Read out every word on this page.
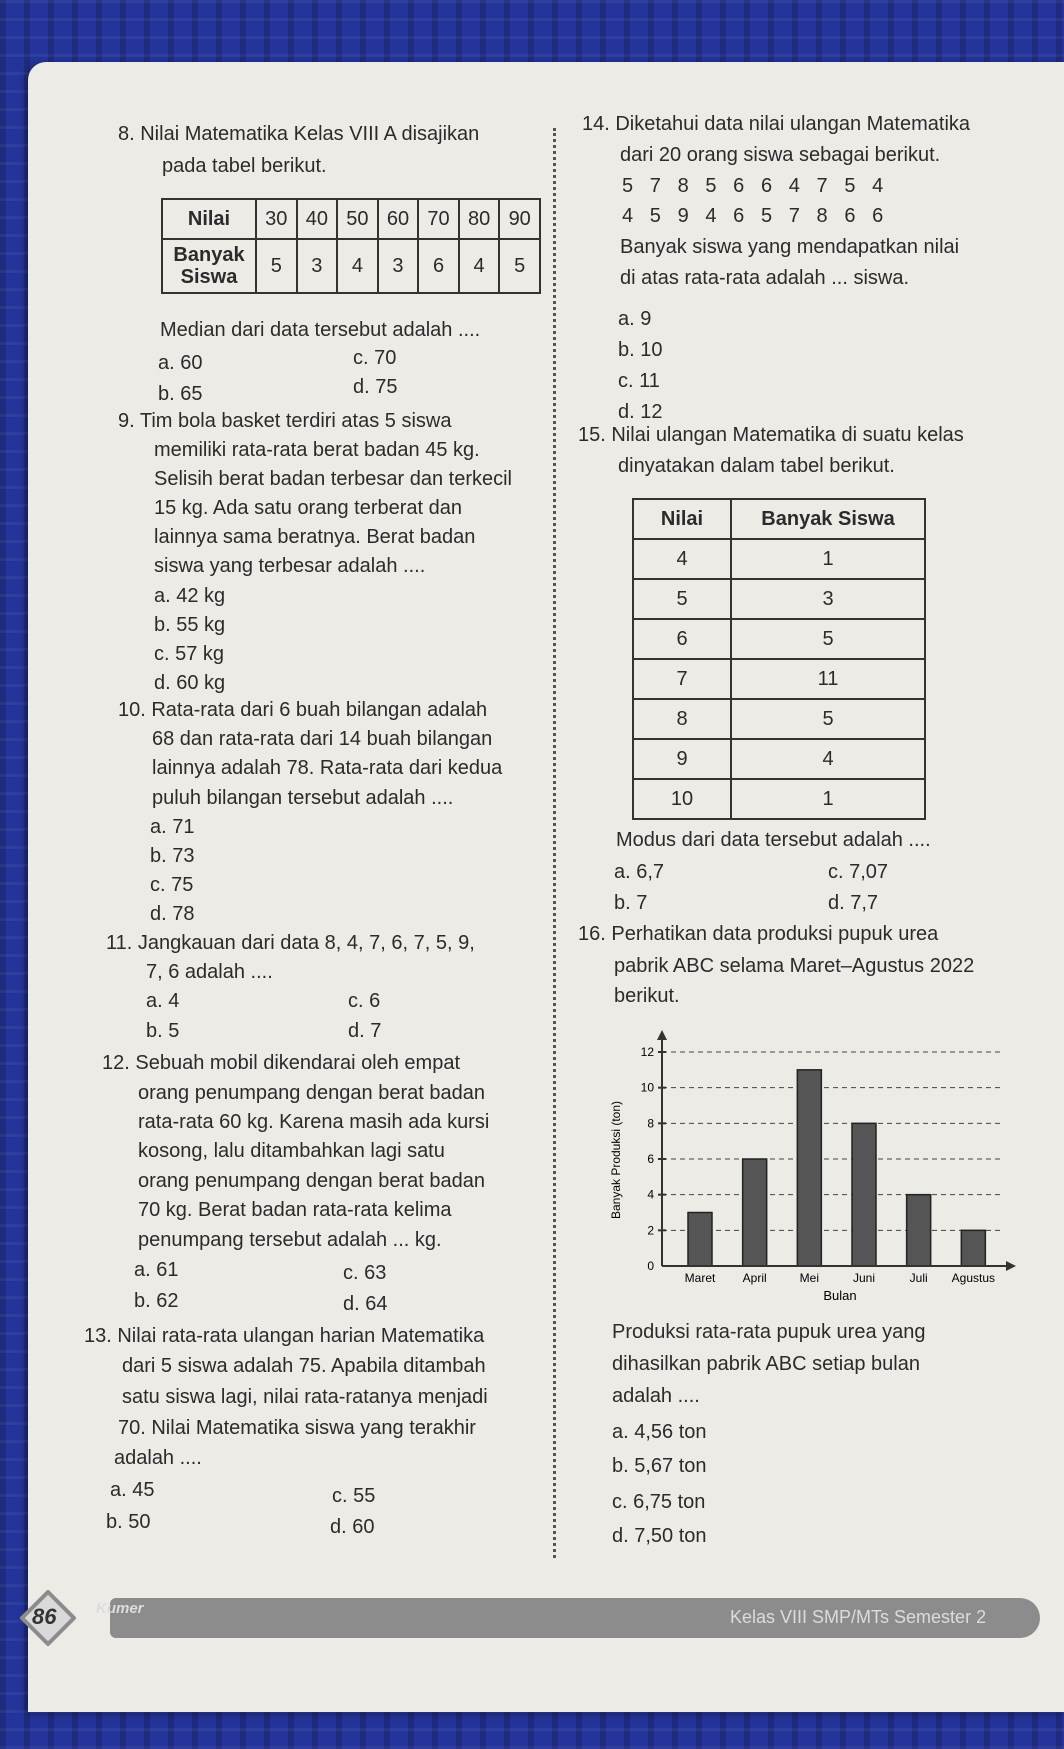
8. Nilai Matematika Kelas VIII A disajikan
pada tabel berikut.
Nilai	30	40	50	60	70	80	90
Banyak Siswa	5	3	4	3	6	4	5
Median dari data tersebut adalah ....
a. 60
b. 65
c. 70
d. 75
9. Tim bola basket terdiri atas 5 siswa
memiliki rata-rata berat badan 45 kg.
Selisih berat badan terbesar dan terkecil
15 kg. Ada satu orang terberat dan
lainnya sama beratnya. Berat badan
siswa yang terbesar adalah ....
a. 42 kg
b. 55 kg
c. 57 kg
d. 60 kg
10. Rata-rata dari 6 buah bilangan adalah
68 dan rata-rata dari 14 buah bilangan
lainnya adalah 78. Rata-rata dari kedua
puluh bilangan tersebut adalah ....
a. 71
b. 73
c. 75
d. 78
11. Jangkauan dari data 8, 4, 7, 6, 7, 5, 9,
7, 6 adalah ....
a. 4
b. 5
c. 6
d. 7
12. Sebuah mobil dikendarai oleh empat
orang penumpang dengan berat badan
rata-rata 60 kg. Karena masih ada kursi
kosong, lalu ditambahkan lagi satu
orang penumpang dengan berat badan
70 kg. Berat badan rata-rata kelima
penumpang tersebut adalah ... kg.
a. 61
b. 62
c. 63
d. 64
13. Nilai rata-rata ulangan harian Matematika
dari 5 siswa adalah 75. Apabila ditambah
satu siswa lagi, nilai rata-ratanya menjadi
70. Nilai Matematika siswa yang terakhir
adalah ....
a. 45
b. 50
c. 55
d. 60
14. Diketahui data nilai ulangan Matematika
dari 20 orang siswa sebagai berikut.
5   7   8   5   6   6   4   7   5   4
4   5   9   4   6   5   7   8   6   6
Banyak siswa yang mendapatkan nilai
di atas rata-rata adalah ... siswa.
a. 9
b. 10
c. 11
d. 12
15. Nilai ulangan Matematika di suatu kelas
dinyatakan dalam tabel berikut.
Nilai	Banyak Siswa
4	1
5	3
6	5
7	11
8	5
9	4
10	1
Modus dari data tersebut adalah ....
a. 6,7
b. 7
c. 7,07
d. 7,7
16. Perhatikan data produksi pupuk urea
pabrik ABC selama Maret–Agustus 2022
berikut.
0
2
4
6
8
10
12
Maret April	Mei	Juni	Juli Agustus
Bulan
Banyak Produksi (ton)
Produksi rata-rata pupuk urea yang
dihasilkan pabrik ABC setiap bulan
adalah ....
a. 4,56 ton
b. 5,67 ton
c. 6,75 ton
d. 7,50 ton
86	Kumer	Kelas VIII SMP/MTs Semester 2
